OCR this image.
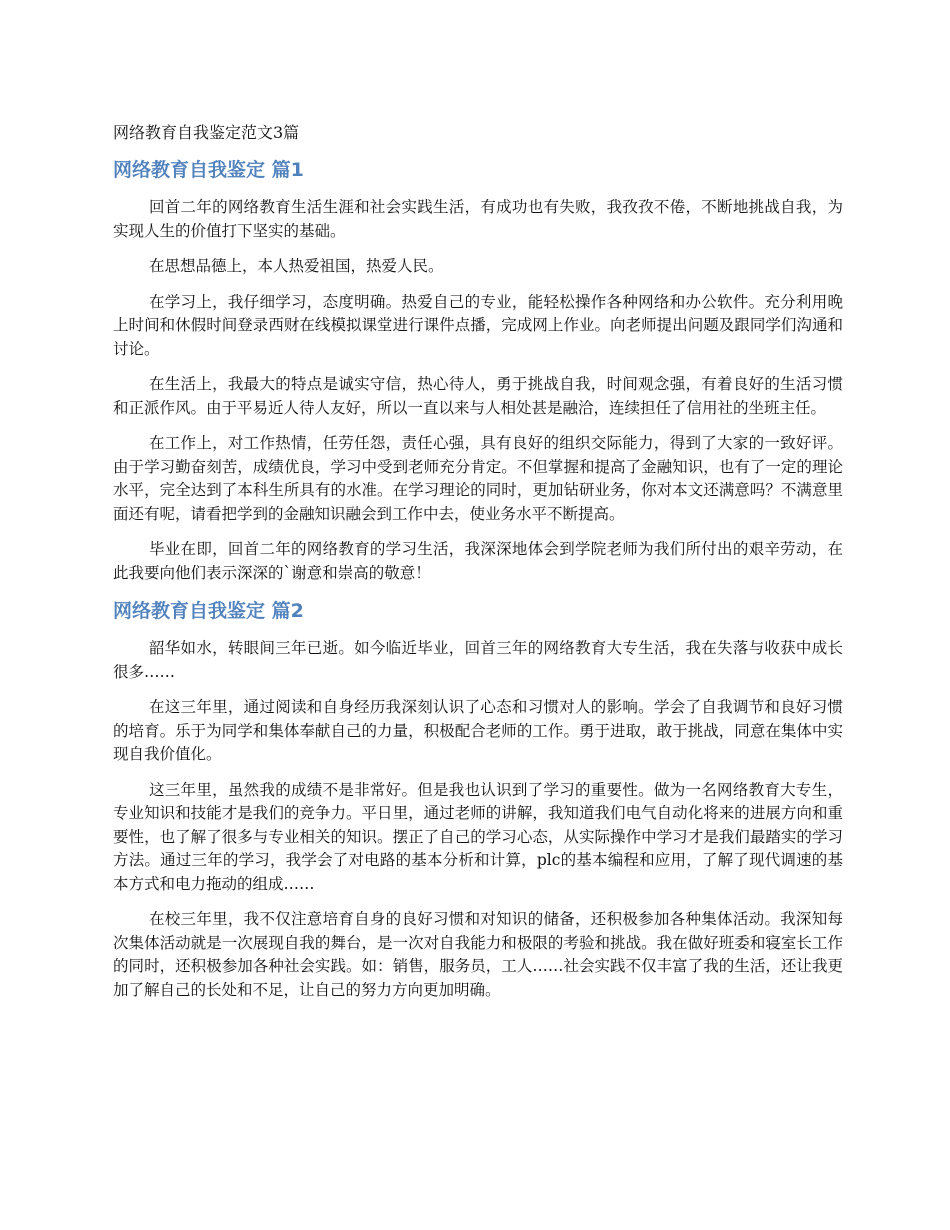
网络教育自我鉴定范文3篇
网络教育自我鉴定 篇1

回首二年的网络教育生活生涯和社会实践生活，有成功也有失败，我孜孜不倦，不断地挑战自我，为实现人生的价值打下坚实的基础。

在思想品德上，本人热爱祖国，热爱人民。

在学习上，我仔细学习，态度明确。热爱自己的专业，能轻松操作各种网络和办公软件。充分利用晚上时间和休假时间登录西财在线模拟课堂进行课件点播，完成网上作业。向老师提出问题及跟同学们沟通和讨论。

在生活上，我最大的特点是诚实守信，热心待人，勇于挑战自我，时间观念强，有着良好的生活习惯和正派作风。由于平易近人待人友好，所以一直以来与人相处甚是融洽，连续担任了信用社的坐班主任。

在工作上，对工作热情，任劳任怨，责任心强，具有良好的组织交际能力，得到了大家的一致好评。由于学习勤奋刻苦，成绩优良，学习中受到老师充分肯定。不但掌握和提高了金融知识，也有了一定的理论水平，完全达到了本科生所具有的水准。在学习理论的同时，更加钻研业务，你对本文还满意吗？不满意里面还有呢，请看把学到的金融知识融会到工作中去，使业务水平不断提高。

毕业在即，回首二年的网络教育的学习生活，我深深地体会到学院老师为我们所付出的艰辛劳动，在此我要向他们表示深深的`谢意和崇高的敬意！

网络教育自我鉴定 篇2

韶华如水，转眼间三年已逝。如今临近毕业，回首三年的网络教育大专生活，我在失落与收获中成长很多……

在这三年里，通过阅读和自身经历我深刻认识了心态和习惯对人的影响。学会了自我调节和良好习惯的培育。乐于为同学和集体奉献自己的力量，积极配合老师的工作。勇于进取，敢于挑战，同意在集体中实现自我价值化。

这三年里，虽然我的成绩不是非常好。但是我也认识到了学习的重要性。做为一名网络教育大专生，专业知识和技能才是我们的竞争力。平日里，通过老师的讲解，我知道我们电气自动化将来的进展方向和重要性，也了解了很多与专业相关的知识。摆正了自己的学习心态，从实际操作中学习才是我们最踏实的学习方法。通过三年的学习，我学会了对电路的基本分析和计算，plc的基本编程和应用，了解了现代调速的基本方式和电力拖动的组成……

在校三年里，我不仅注意培育自身的良好习惯和对知识的储备，还积极参加各种集体活动。我深知每次集体活动就是一次展现自我的舞台，是一次对自我能力和极限的考验和挑战。我在做好班委和寝室长工作的同时，还积极参加各种社会实践。如：销售，服务员，工人……社会实践不仅丰富了我的生活，还让我更加了解自己的长处和不足，让自己的努力方向更加明确。
